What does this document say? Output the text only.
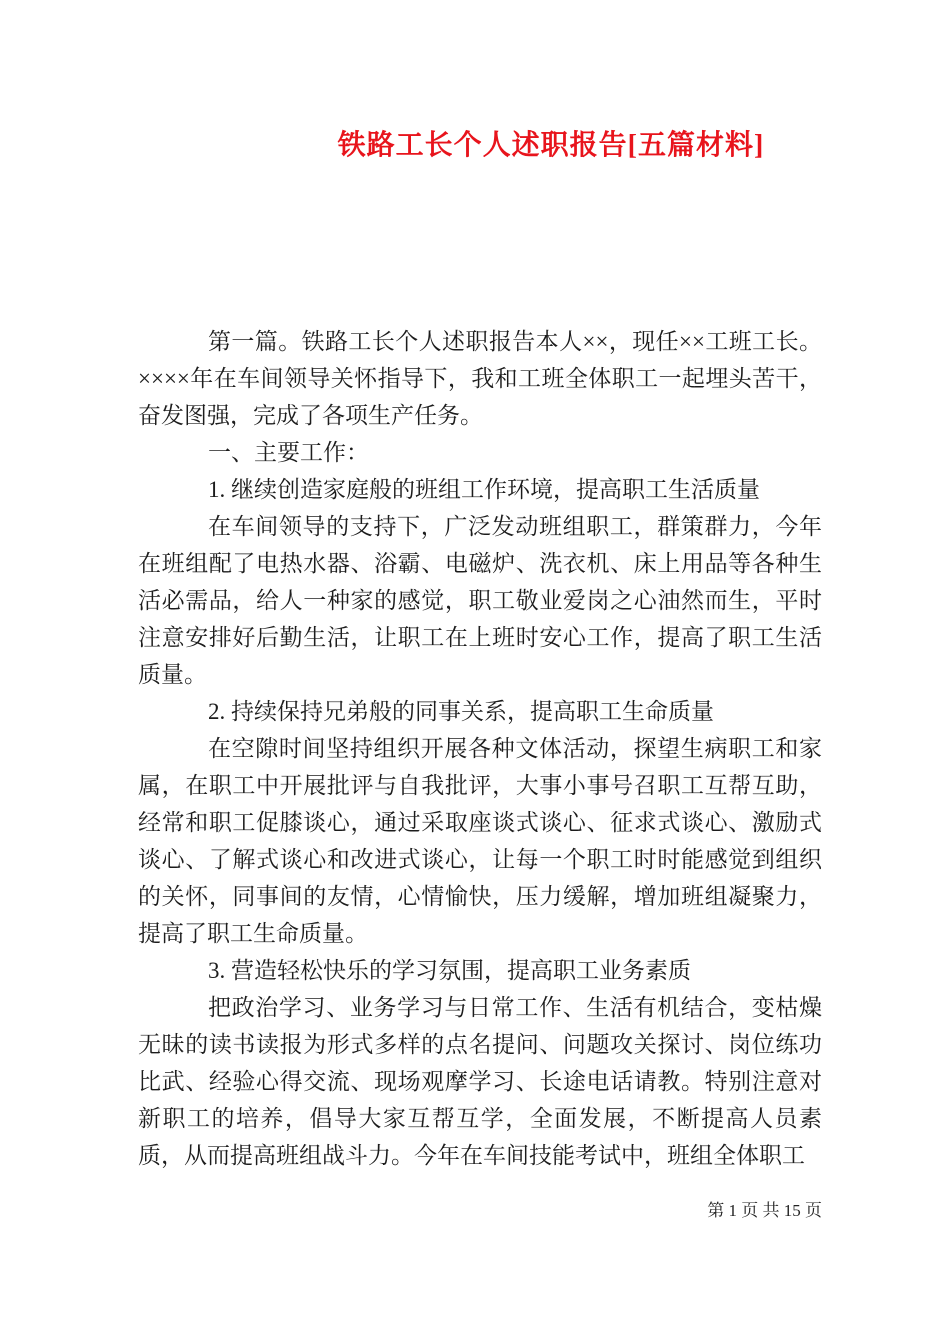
铁路工长个人述职报告[五篇材料]

第一篇。铁路工长个人述职报告本人××，现任××工班工长。××××年在车间领导关怀指导下，我和工班全体职工一起埋头苦干，奋发图强，完成了各项生产任务。

一、主要工作：

1. 继续创造家庭般的班组工作环境，提高职工生活质量

在车间领导的支持下，广泛发动班组职工，群策群力，今年在班组配了电热水器、浴霸、电磁炉、洗衣机、床上用品等各种生活必需品，给人一种家的感觉，职工敬业爱岗之心油然而生，平时注意安排好后勤生活，让职工在上班时安心工作，提高了职工生活质量。

2. 持续保持兄弟般的同事关系，提高职工生命质量

在空隙时间坚持组织开展各种文体活动，探望生病职工和家属，在职工中开展批评与自我批评，大事小事号召职工互帮互助，经常和职工促膝谈心，通过采取座谈式谈心、征求式谈心、激励式谈心、了解式谈心和改进式谈心，让每一个职工时时能感觉到组织的关怀，同事间的友情，心情愉快，压力缓解，增加班组凝聚力，提高了职工生命质量。

3. 营造轻松快乐的学习氛围，提高职工业务素质

把政治学习、业务学习与日常工作、生活有机结合，变枯燥无昧的读书读报为形式多样的点名提问、问题攻关探讨、岗位练功比武、经验心得交流、现场观摩学习、长途电话请教。特别注意对新职工的培养，倡导大家互帮互学，全面发展，不断提高人员素质，从而提高班组战斗力。今年在车间技能考试中，班组全体职工

第 1 页 共 15 页
